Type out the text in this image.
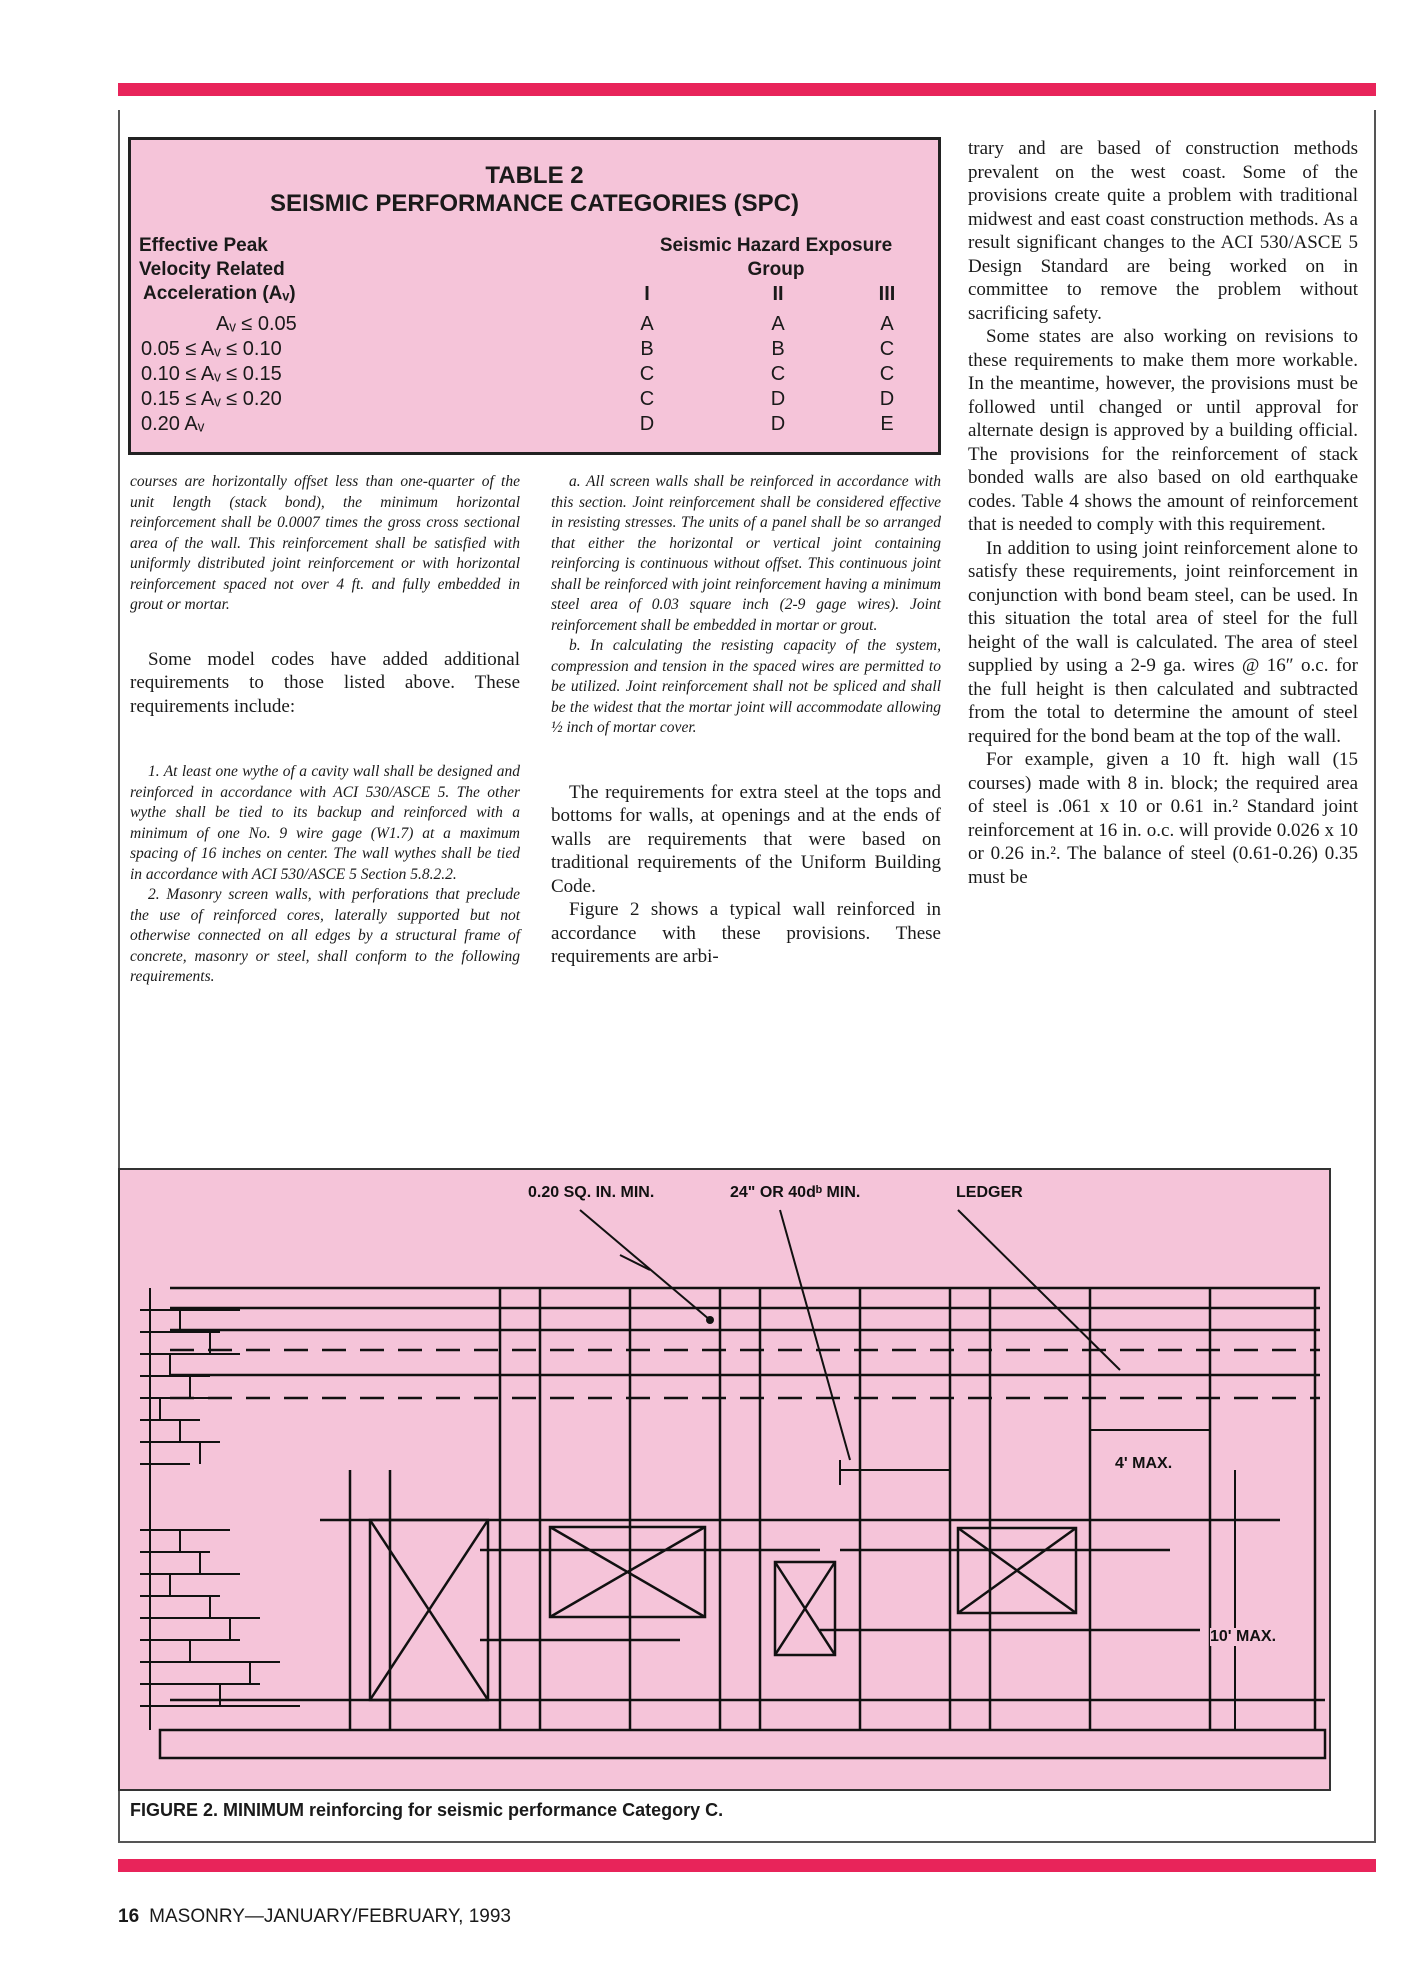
TABLE 2
SEISMIC PERFORMANCE CATEGORIES (SPC)
Effective Peak
Velocity Related
Acceleration (Aᵥ)
Seismic Hazard Exposure
Group
I	II	III
Aᵥ ≤ 0.05	A	A	A
0.05 ≤ Aᵥ ≤ 0.10	B	B	C
0.10 ≤ Aᵥ ≤ 0.15	C	C	C
0.15 ≤ Aᵥ ≤ 0.20	C	D	D
0.20 Aᵥ	D	D	E

courses are horizontally offset less than one-quarter of the unit length (stack bond), the minimum horizontal reinforcement shall be 0.0007 times the gross cross sectional area of the wall. This reinforcement shall be satisfied with uniformly distributed joint reinforcement or with horizontal reinforcement spaced not over 4 ft. and fully embedded in grout or mortar.

Some model codes have added additional requirements to those listed above. These requirements include:

1. At least one wythe of a cavity wall shall be designed and reinforced in accordance with ACI 530/ASCE 5. The other wythe shall be tied to its backup and reinforced with a minimum of one No. 9 wire gage (W1.7) at a maximum spacing of 16 inches on center. The wall wythes shall be tied in accordance with ACI 530/ASCE 5 Section 5.8.2.2.

2. Masonry screen walls, with perforations that preclude the use of reinforced cores, laterally supported but not otherwise connected on all edges by a structural frame of concrete, masonry or steel, shall conform to the following requirements.

a. All screen walls shall be reinforced in accordance with this section. Joint reinforcement shall be considered effective in resisting stresses. The units of a panel shall be so arranged that either the horizontal or vertical joint containing reinforcing is continuous without offset. This continuous joint shall be reinforced with joint reinforcement having a minimum steel area of 0.03 square inch (2-9 gage wires). Joint reinforcement shall be embedded in mortar or grout.

b. In calculating the resisting capacity of the system, compression and tension in the spaced wires are permitted to be utilized. Joint reinforcement shall not be spliced and shall be the widest that the mortar joint will accommodate allowing ½ inch of mortar cover.

The requirements for extra steel at the tops and bottoms for walls, at openings and at the ends of walls are requirements that were based on traditional requirements of the Uniform Building Code.

Figure 2 shows a typical wall reinforced in accordance with these provisions. These requirements are arbi-

trary and are based of construction methods prevalent on the west coast. Some of the provisions create quite a problem with traditional midwest and east coast construction methods. As a result significant changes to the ACI 530/ASCE 5 Design Standard are being worked on in committee to remove the problem without sacrificing safety.

Some states are also working on revisions to these requirements to make them more workable. In the meantime, however, the provisions must be followed until changed or until approval for alternate design is approved by a building official. The provisions for the reinforcement of stack bonded walls are also based on old earthquake codes. Table 4 shows the amount of reinforcement that is needed to comply with this requirement.

In addition to using joint reinforcement alone to satisfy these requirements, joint reinforcement in conjunction with bond beam steel, can be used. In this situation the total area of steel for the full height of the wall is calculated. The area of steel supplied by using a 2-9 ga. wires @ 16″ o.c. for the full height is then calculated and subtracted from the total to determine the amount of steel required for the bond beam at the top of the wall.

For example, given a 10 ft. high wall (15 courses) made with 8 in. block; the required area of steel is .061 x 10 or 0.61 in.² Standard joint reinforcement at 16 in. o.c. will provide 0.026 x 10 or 0.26 in.². The balance of steel (0.61-0.26) 0.35 must be

0.20 SQ. IN. MIN.	24" OR 40dᵇ MIN.	LEDGER
4' MAX.
10' MAX.
FIGURE 2. MINIMUM reinforcing for seismic performance Category C.
16 MASONRY—JANUARY/FEBRUARY, 1993
